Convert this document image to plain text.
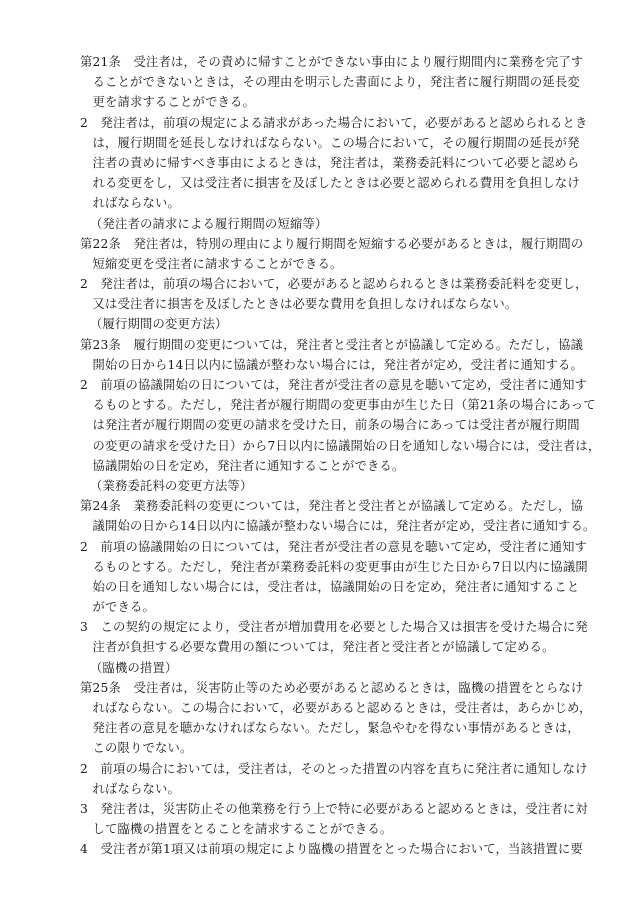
第21条　受注者は，その責めに帰すことができない事由により履行期間内に業務を完了す
ることができないときは，その理由を明示した書面により，発注者に履行期間の延長変
更を請求することができる。
2　発注者は，前項の規定による請求があった場合において，必要があると認められるとき
は，履行期間を延長しなければならない。この場合において，その履行期間の延長が発
注者の責めに帰すべき事由によるときは，発注者は，業務委託料について必要と認めら
れる変更をし，又は受注者に損害を及ぼしたときは必要と認められる費用を負担しなけ
ればならない。
（発注者の請求による履行期間の短縮等）
第22条　発注者は，特別の理由により履行期間を短縮する必要があるときは，履行期間の
短縮変更を受注者に請求することができる。
2　発注者は，前項の場合において，必要があると認められるときは業務委託料を変更し，
又は受注者に損害を及ぼしたときは必要な費用を負担しなければならない。
（履行期間の変更方法）
第23条　履行期間の変更については，発注者と受注者とが協議して定める。ただし，協議
開始の日から14日以内に協議が整わない場合には，発注者が定め，受注者に通知する。
2　前項の協議開始の日については，発注者が受注者の意見を聴いて定め，受注者に通知す
るものとする。ただし，発注者が履行期間の変更事由が生じた日（第21条の場合にあって
は発注者が履行期間の変更の請求を受けた日，前条の場合にあっては受注者が履行期間
の変更の請求を受けた日）から7日以内に協議開始の日を通知しない場合には，受注者は，
協議開始の日を定め，発注者に通知することができる。
（業務委託料の変更方法等）
第24条　業務委託料の変更については，発注者と受注者とが協議して定める。ただし，協
議開始の日から14日以内に協議が整わない場合には，発注者が定め，受注者に通知する。
2　前項の協議開始の日については，発注者が受注者の意見を聴いて定め，受注者に通知す
るものとする。ただし，発注者が業務委託料の変更事由が生じた日から7日以内に協議開
始の日を通知しない場合には，受注者は，協議開始の日を定め，発注者に通知すること
ができる。
3　この契約の規定により，受注者が増加費用を必要とした場合又は損害を受けた場合に発
注者が負担する必要な費用の額については，発注者と受注者とが協議して定める。
（臨機の措置）
第25条　受注者は，災害防止等のため必要があると認めるときは，臨機の措置をとらなけ
ればならない。この場合において，必要があると認めるときは，受注者は，あらかじめ，
発注者の意見を聴かなければならない。ただし，緊急やむを得ない事情があるときは，
この限りでない。
2　前項の場合においては，受注者は，そのとった措置の内容を直ちに発注者に通知しなけ
ればならない。
3　発注者は，災害防止その他業務を行う上で特に必要があると認めるときは，受注者に対
して臨機の措置をとることを請求することができる。
4　受注者が第1項又は前項の規定により臨機の措置をとった場合において，当該措置に要
